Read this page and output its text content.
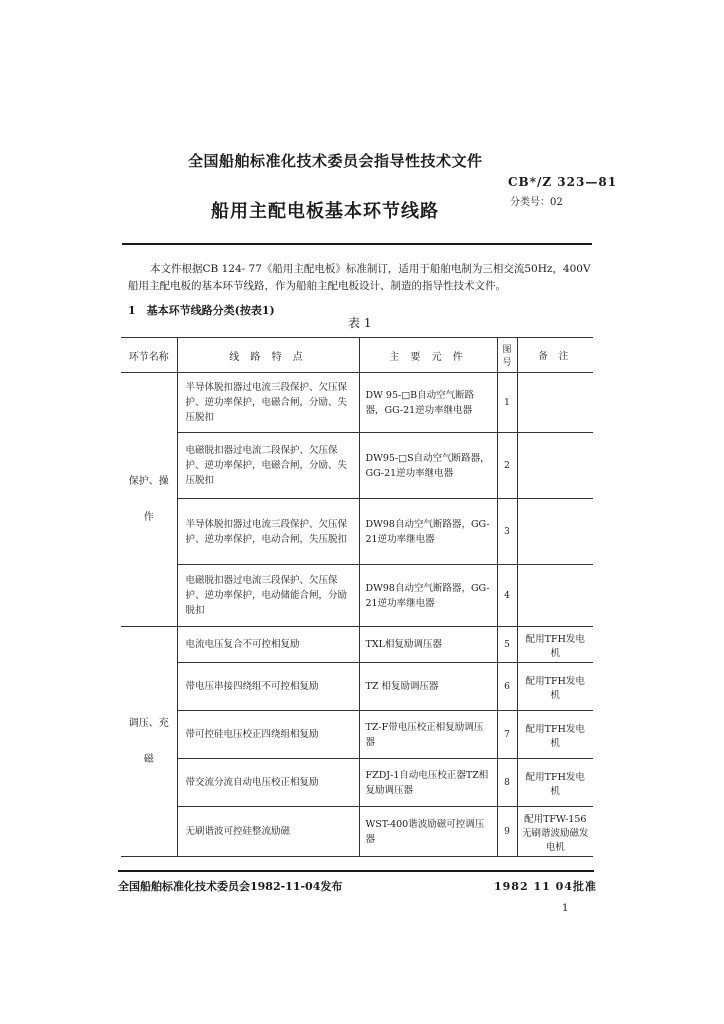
全国船舶标准化技术委员会指导性技术文件
CB*/Z 323—81
分类号：02
船用主配电板基本环节线路
本文件根据CB 124- 77《船用主配电板》标准制订，适用于船舶电制为三相交流50Hz，400V船用主配电板的基本环节线路，作为船舶主配电板设计、制造的指导性技术文件。
1　基本环节线路分类(按表1)
表 1
环节名称	线 路 特 点	主 要 元 件	图号	备 注
保护、操作	半导体脱扣器过电流三段保护、欠压保护、逆功率保护，电磁合闸，分励、失压脱扣	DW 95-□B自动空气断路器，GG-21逆功率继电器	1	
	电磁脱扣器过电流二段保护、欠压保护、逆功率保护，电磁合闸，分励、失压脱扣	DW95-□S自动空气断路器，GG-21逆功率继电器	2	
	半导体脱扣器过电流三段保护、欠压保护、逆功率保护，电动合闸，失压脱扣	DW98自动空气断路器，GG-21逆功率继电器	3	
	电磁脱扣器过电流三段保护、欠压保护、逆功率保护，电动储能合闸，分励脱扣	DW98自动空气断路器，GG-21逆功率继电器	4	
调压、充磁	电流电压复合不可控相复励	TXL相复励调压器	5	配用TFH发电机
	带电压串接四绕组不可控相复励	TZ 相复励调压器	6	配用TFH发电机
	带可控硅电压校正四绕组相复励	TZ-F带电压校正相复励调压器	7	配用TFH发电机
	带交流分流自动电压校正相复励	FZDJ-1自动电压校正器TZ相复励调压器	8	配用TFH发电机
	无刷谐波可控硅整流励磁	WST-400谐波励磁可控调压器	9	配用TFW-156无刷谐波励磁发电机
全国船舶标准化技术委员会1982-11-04发布	1982 11 04批准
1
